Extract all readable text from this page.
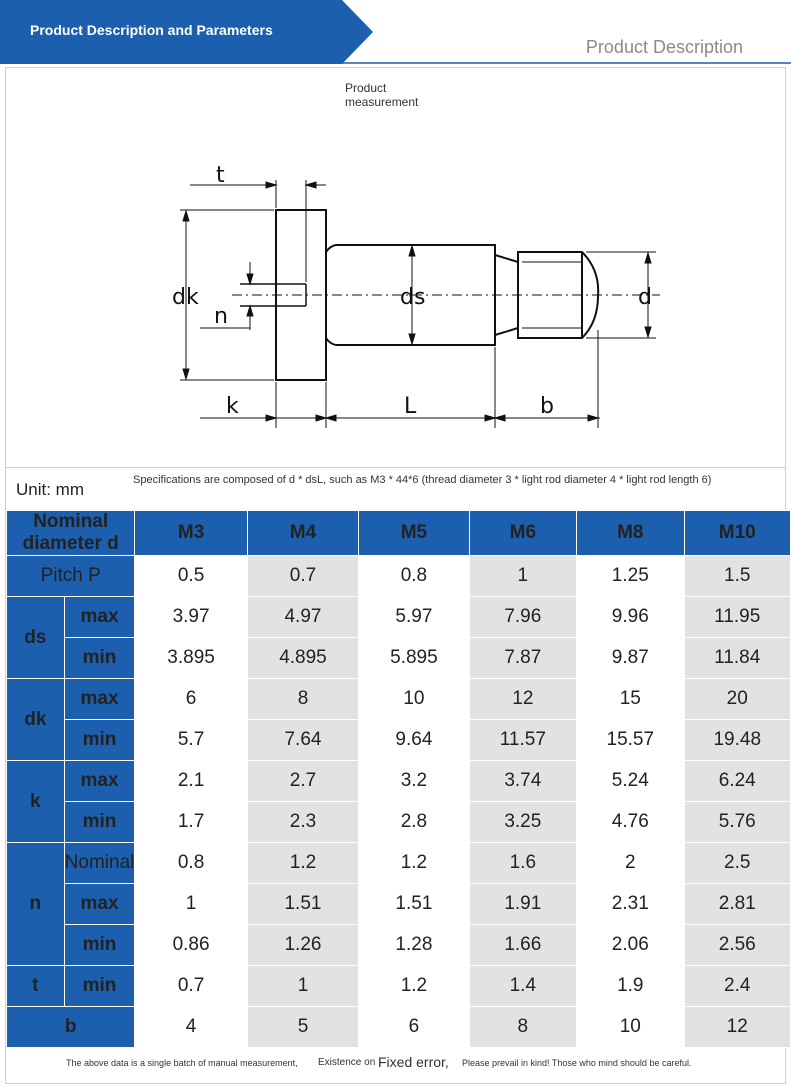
Product Description and Parameters
Product Description
Product measurement
t
dk
n
ds	d
k	L	b
Unit: mm	Specifications are composed of d * dsL, such as M3 * 44*6 (thread diameter 3 * light rod diameter 4 * light rod length 6)
Nominal diameter d		M3	M4	M5	M6	M8	M10
Pitch P		0.5	0.7	0.8	1	1.25	1.5
ds	max	3.97	4.97	5.97	7.96	9.96	11.95
	min	3.895	4.895	5.895	7.87	9.87	11.84
dk	max	6	8	10	12	15	20
	min	5.7	7.64	9.64	11.57	15.57	19.48
k	max	2.1	2.7	3.2	3.74	5.24	6.24
	min	1.7	2.3	2.8	3.25	4.76	5.76
n	Nominal	0.8	1.2	1.2	1.6	2	2.5
	max	1	1.51	1.51	1.91	2.31	2.81
	min	0.86	1.26	1.28	1.66	2.06	2.56
t	min	0.7	1	1.2	1.4	1.9	2.4
b		4	5	6	8	10	12
The above data is a single batch of manual measurement, Existence on Fixed error, Please prevail in kind! Those who mind should be careful.
